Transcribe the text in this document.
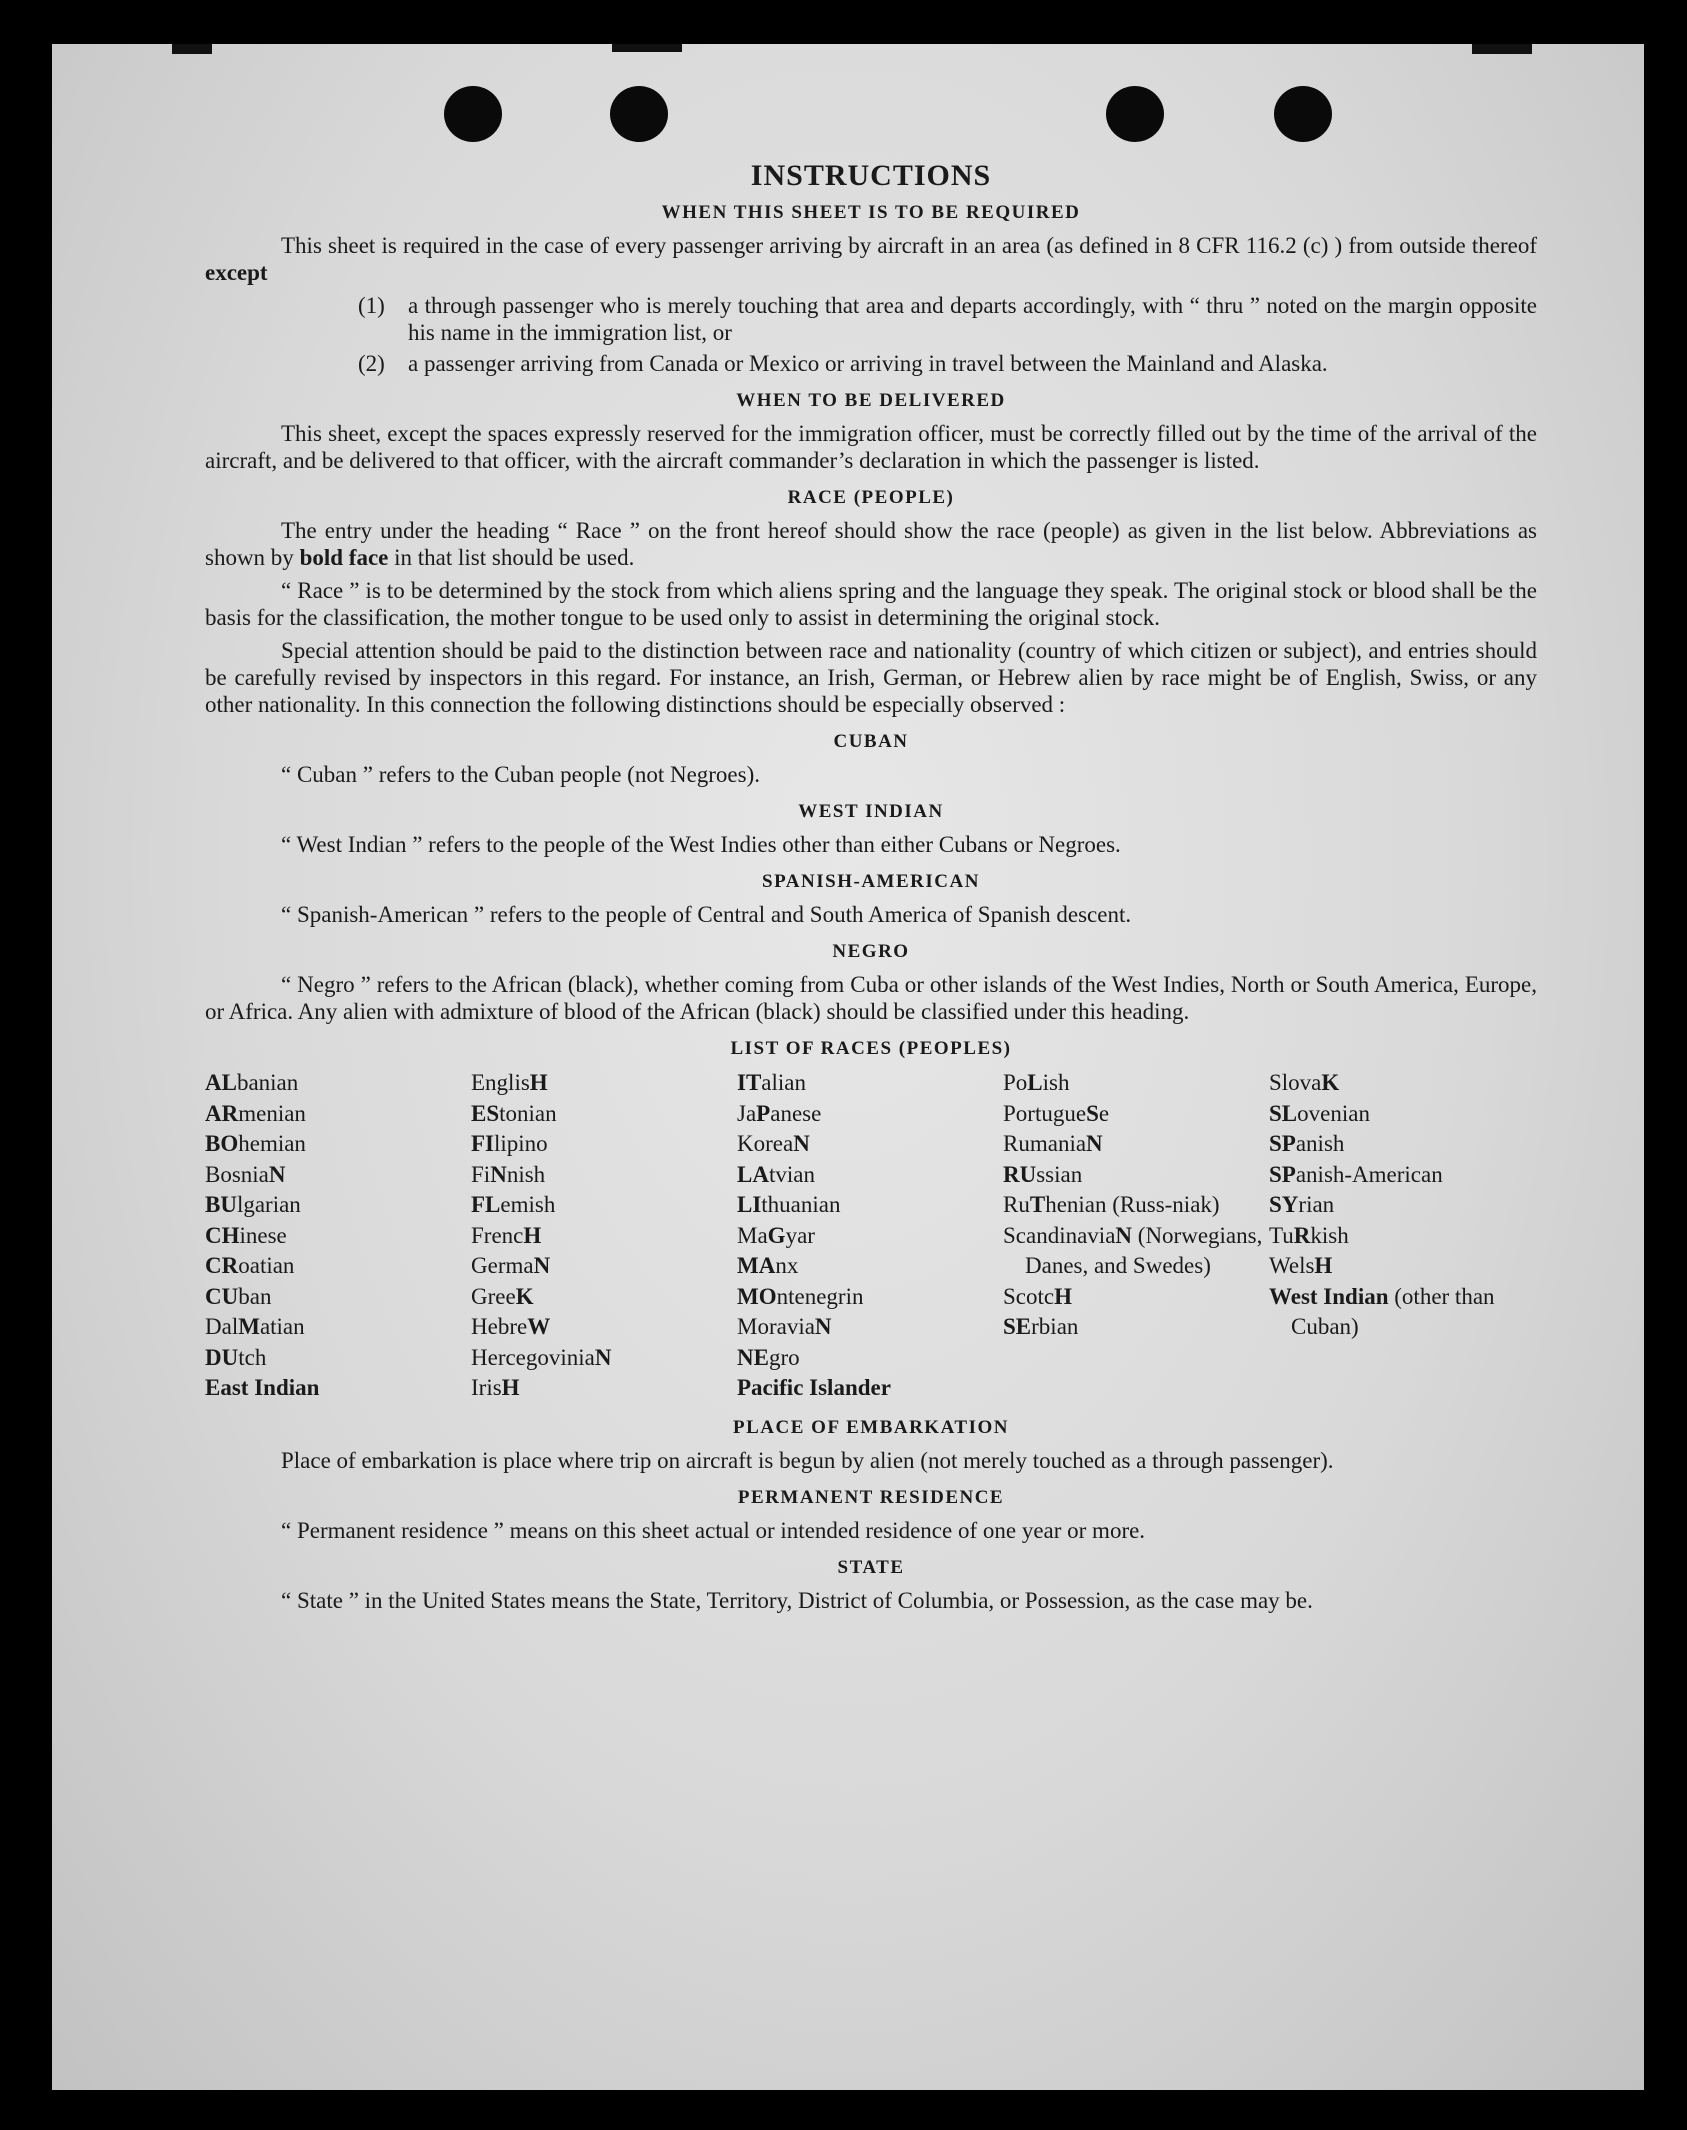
INSTRUCTIONS
WHEN THIS SHEET IS TO BE REQUIRED

This sheet is required in the case of every passenger arriving by aircraft in an area (as defined in 8 CFR 116.2 (c) ) from outside thereof except

(1)	a through passenger who is merely touching that area and departs accordingly, with “ thru ” noted on the margin opposite his name in the immigration list, or
(2)	a passenger arriving from Canada or Mexico or arriving in travel between the Mainland and Alaska.
WHEN TO BE DELIVERED

This sheet, except the spaces expressly reserved for the immigration officer, must be correctly filled out by the time of the arrival of the aircraft, and be delivered to that officer, with the aircraft commander’s declaration in which the passenger is listed.

RACE (PEOPLE)

The entry under the heading “ Race ” on the front hereof should show the race (people) as given in the list below. Abbreviations as shown by bold face in that list should be used.

“ Race ” is to be determined by the stock from which aliens spring and the language they speak. The original stock or blood shall be the basis for the classification, the mother tongue to be used only to assist in determining the original stock.

Special attention should be paid to the distinction between race and nationality (country of which citizen or subject), and entries should be carefully revised by inspectors in this regard. For instance, an Irish, German, or Hebrew alien by race might be of English, Swiss, or any other nationality. In this connection the following distinctions should be especially observed :

CUBAN

“ Cuban ” refers to the Cuban people (not Negroes).

WEST INDIAN

“ West Indian ” refers to the people of the West Indies other than either Cubans or Negroes.

SPANISH-AMERICAN

“ Spanish-American ” refers to the people of Central and South America of Spanish descent.

NEGRO

“ Negro ” refers to the African (black), whether coming from Cuba or other islands of the West Indies, North or South America, Europe, or Africa. Any alien with admixture of blood of the African (black) should be classified under this heading.

LIST OF RACES (PEOPLES)
ALbanian
ARmenian
BOhemian
BosniaN
BUlgarian
CHinese
CRoatian
CUban
DalMatian
DUtch
East Indian
EnglisH
EStonian
FIlipino
FiNnish
FLemish
FrencH
GermaN
GreeK
HebreW
HercegoviniaN
IrisH
ITalian
JaPanese
KoreaN
LAtvian
LIthuanian
MaGyar
MAnx
MOntenegrin
MoraviaN
NEgro
Pacific Islander
PoLish
PortugueSe
RumaniaN
RUssian
RuThenian (Russ-niak)
ScandinaviaN (Norwegians, Danes, and Swedes)
ScotcH
SErbian
SlovaK
SLovenian
SPanish
SPanish-American
SYrian
TuRkish
WelsH
West Indian (other than Cuban)
PLACE OF EMBARKATION

Place of embarkation is place where trip on aircraft is begun by alien (not merely touched as a through passenger).

PERMANENT RESIDENCE

“ Permanent residence ” means on this sheet actual or intended residence of one year or more.

STATE

“ State ” in the United States means the State, Territory, District of Columbia, or Possession, as the case may be.
